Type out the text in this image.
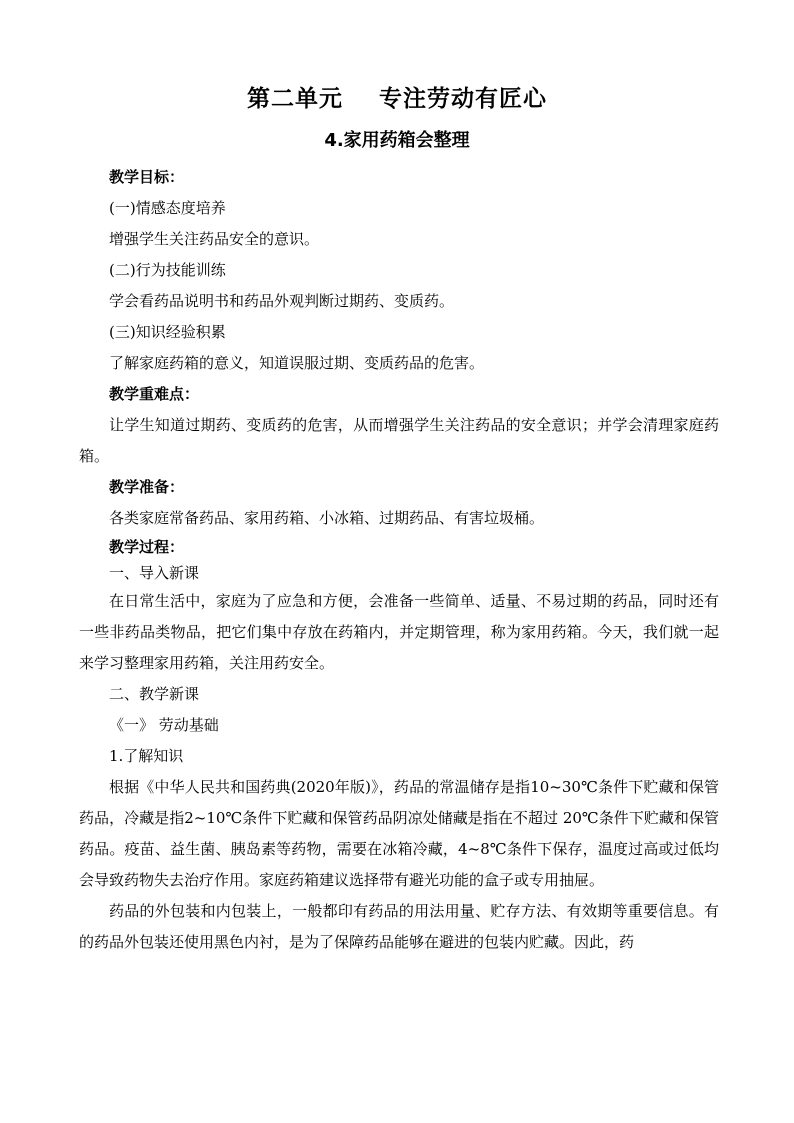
第二单元 专注劳动有匠心
4.家用药箱会整理
教学目标：
(一)情感态度培养
增强学生关注药品安全的意识。
(二)行为技能训练
学会看药品说明书和药品外观判断过期药、变质药。
(三)知识经验积累
了解家庭药箱的意义，知道误服过期、变质药品的危害。
教学重难点：
让学生知道过期药、变质药的危害，从而增强学生关注药品的安全意识；并学会清理家庭药箱。
教学准备：
各类家庭常备药品、家用药箱、小冰箱、过期药品、有害垃圾桶。
教学过程：
一、导入新课
在日常生活中，家庭为了应急和方便，会准备一些简单、适量、不易过期的药品，同时还有一些非药品类物品，把它们集中存放在药箱内，并定期管理，称为家用药箱。今天，我们就一起来学习整理家用药箱，关注用药安全。
二、教学新课
《一》 劳动基础
1.了解知识
根据《中华人民共和国药典(2020年版)》，药品的常温储存是指10~30℃条件下贮藏和保管药品，冷藏是指2~10℃条件下贮藏和保管药品阴凉处储藏是指在不超过 20℃条件下贮藏和保管药品。疫苗、益生菌、胰岛素等药物，需要在冰箱冷藏，4~8℃条件下保存，温度过高或过低均会导致药物失去治疗作用。家庭药箱建议选择带有避光功能的盒子或专用抽屉。
药品的外包装和内包装上，一般都印有药品的用法用量、贮存方法、有效期等重要信息。有的药品外包装还使用黑色内衬，是为了保障药品能够在避进的包装内贮藏。因此，药
